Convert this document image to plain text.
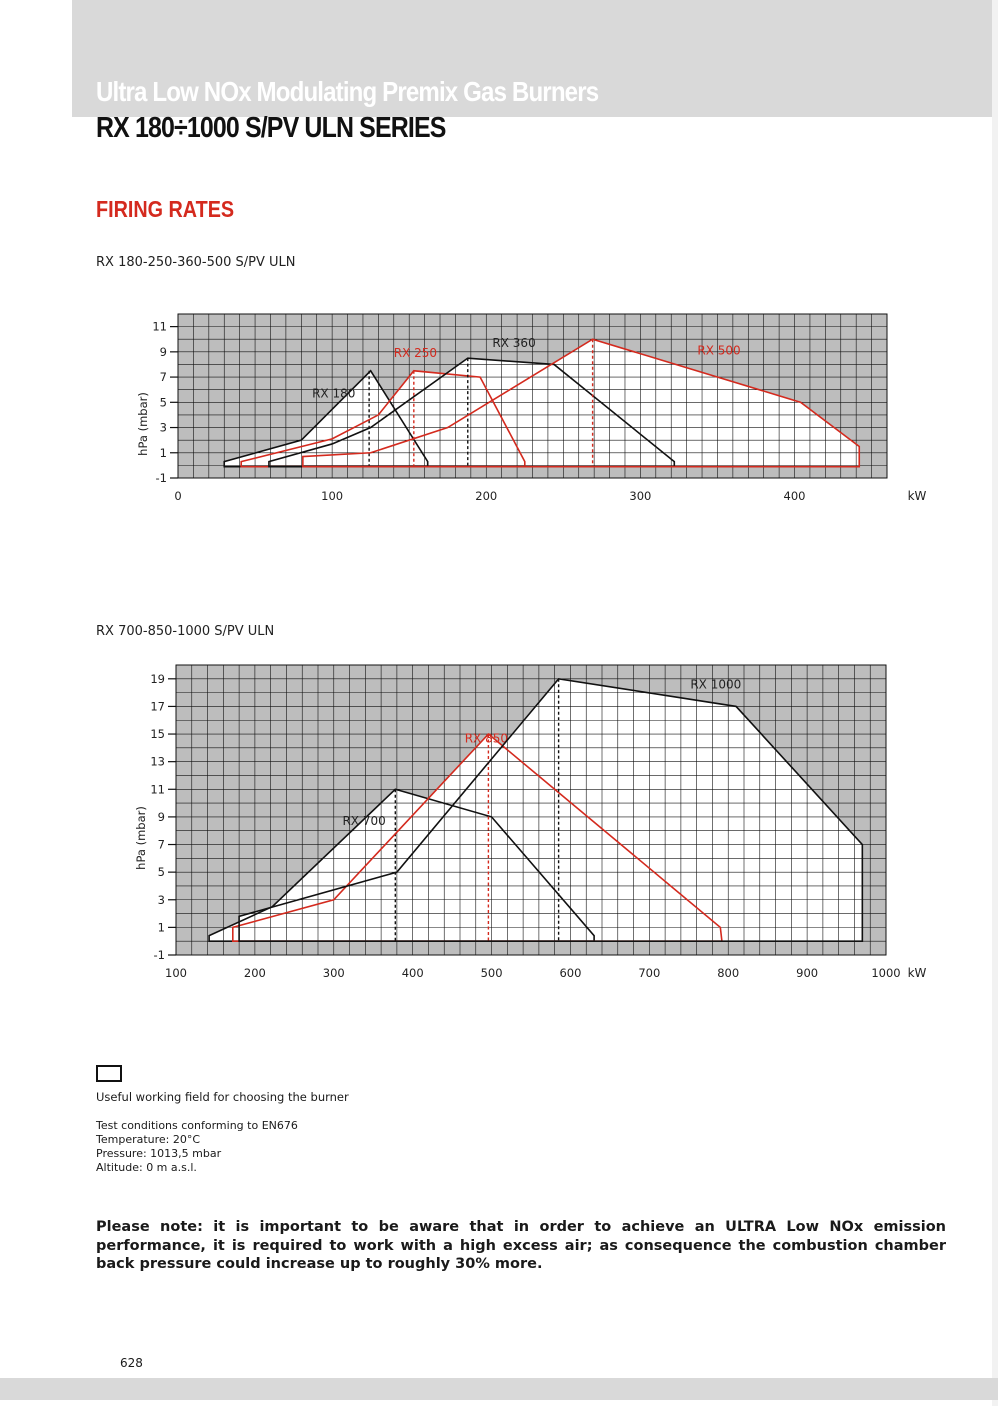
Ultra Low NOx Modulating Premix Gas Burners
RX 180÷1000 S/PV ULN SERIES
FIRING RATES
RX 180-250-360-500 S/PV ULN
RX 180
RX 250
RX 360
RX 500
-1
1
3
5
7
9
11
0	100	200	300	400
hPa (mbar)
kW
RX 700-850-1000 S/PV ULN
RX 700
RX 850
RX 1000
-1
1
3
5
7
9
11
13
15
17
19
100	200	300	400	500	600	700	800	900	1000
hPa (mbar)
kW
Useful working field for choosing the burner
Test conditions conforming to EN676
Temperature: 20°C
Pressure: 1013,5 mbar
Altitude: 0 m a.s.l.
Please note: it is important to be aware that in order to achieve an ULTRA Low NOx emission performance, it is required to work with a high excess air; as consequence the combustion chamber back pressure could increase up to roughly 30% more.
628
